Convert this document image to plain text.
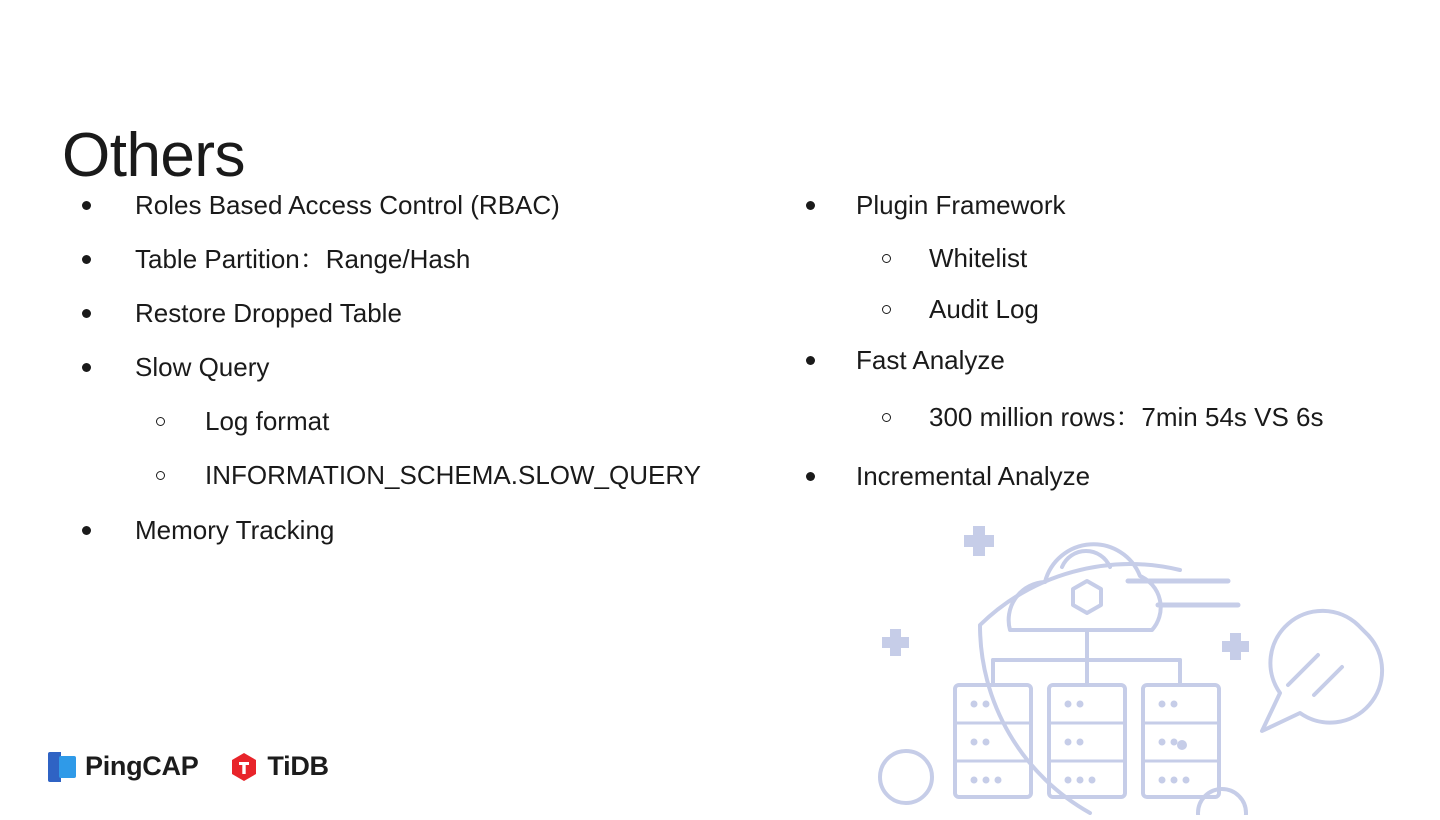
Others
Roles Based Access Control (RBAC)
Table Partition：Range/Hash
Restore Dropped Table
Slow Query
Log format
INFORMATION_SCHEMA.SLOW_QUERY
Memory Tracking
Plugin Framework
Whitelist
Audit Log
Fast Analyze
300 million rows：7min 54s VS 6s
Incremental Analyze
PingCAP	TiDB
